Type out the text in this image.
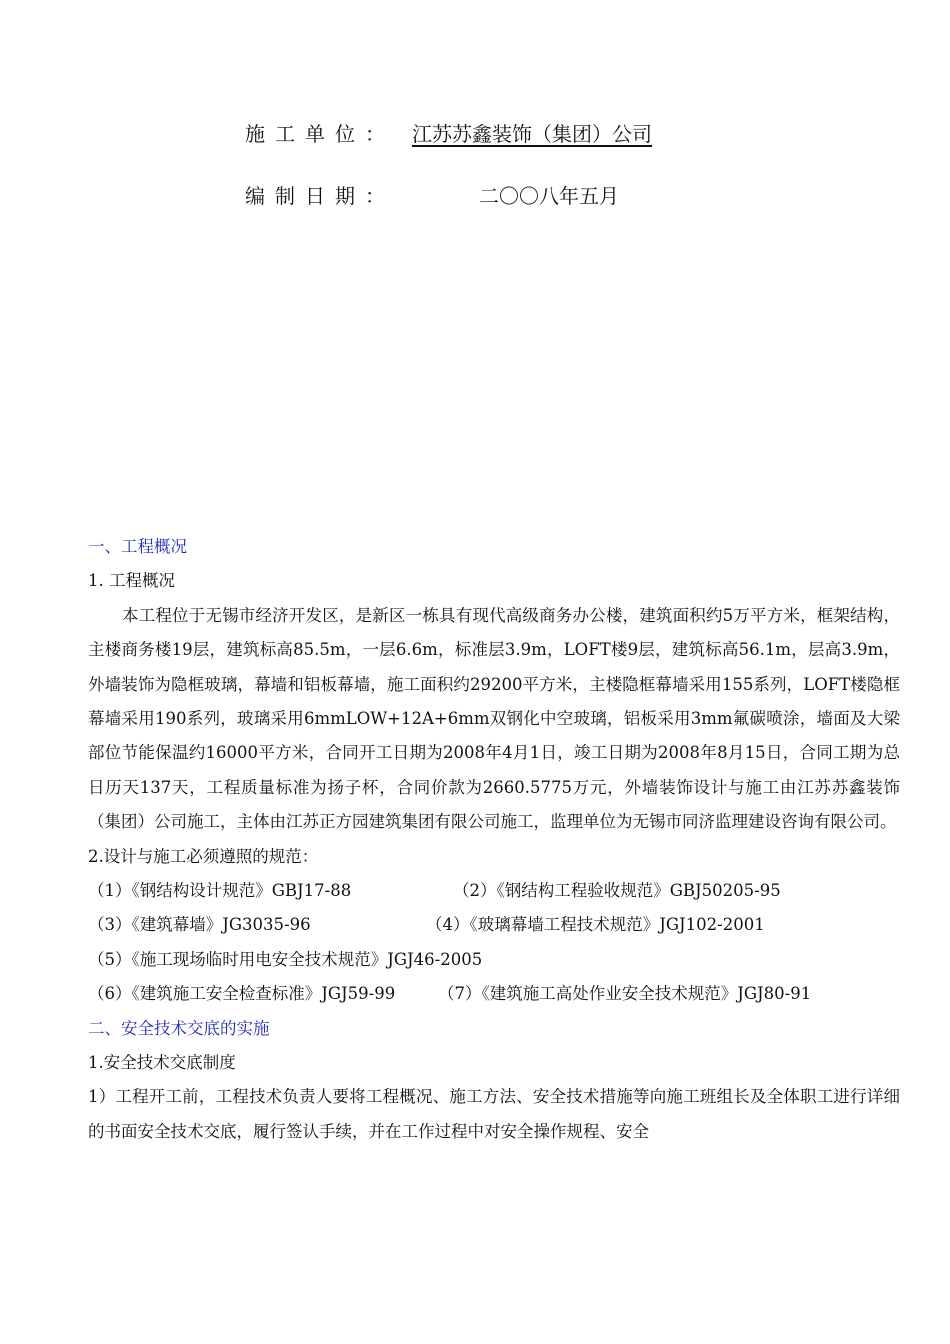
施工单位： 江苏苏鑫装饰（集团）公司
编制日期：	二〇〇八年五月
一、工程概况
1. 工程概况

本工程位于无锡市经济开发区，是新区一栋具有现代高级商务办公楼，建筑面积约5万平方米，框架结构，主楼商务楼19层，建筑标高85.5m，一层6.6m，标准层3.9m，LOFT楼9层，建筑标高56.1m，层高3.9m，外墙装饰为隐框玻璃，幕墙和铝板幕墙，施工面积约29200平方米，主楼隐框幕墙采用155系列，LOFT楼隐框幕墙采用190系列，玻璃采用6mmLOW+12A+6mm双钢化中空玻璃，铝板采用3mm氟碳喷涂，墙面及大梁部位节能保温约16000平方米，合同开工日期为2008年4月1日，竣工日期为2008年8月15日，合同工期为总日历天137天，工程质量标准为扬子杯，合同价款为2660.5775万元，外墙装饰设计与施工由江苏苏鑫装饰（集团）公司施工，主体由江苏正方园建筑集团有限公司施工，监理单位为无锡市同济监理建设咨询有限公司。

2.设计与施工必须遵照的规范：
（1）《钢结构设计规范》GBJ17-88	（2）《钢结构工程验收规范》GBJ50205-95
（3）《建筑幕墙》JG3035-96	（4）《玻璃幕墙工程技术规范》JGJ102-2001
（5）《施工现场临时用电安全技术规范》JGJ46-2005
（6）《建筑施工安全检查标准》JGJ59-99	（7）《建筑施工高处作业安全技术规范》JGJ80-91
二、安全技术交底的实施
1.安全技术交底制度

1）工程开工前，工程技术负责人要将工程概况、施工方法、安全技术措施等向施工班组长及全体职工进行详细的书面安全技术交底，履行签认手续，并在工作过程中对安全操作规程、安全
